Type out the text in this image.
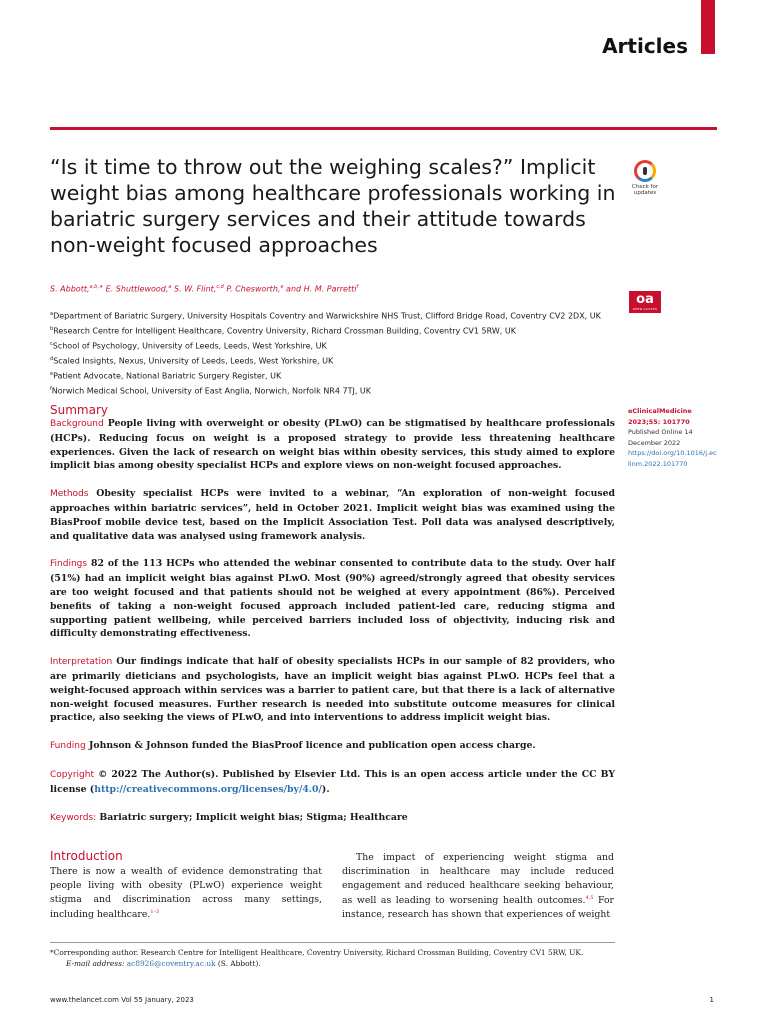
Articles
“Is it time to throw out the weighing scales?” Implicit weight bias among healthcare professionals working in bariatric surgery services and their attitude towards non-weight focused approaches
Check for updates
oa
OPEN ACCESS
S. Abbott,$^{a,b,∗}$ E. Shuttlewood,$^a$ S. W. Flint,$^{c,d}$ P. Chesworth,$^e$ and H. M. Parretti$^f$
$^a$Department of Bariatric Surgery, University Hospitals Coventry and Warwickshire NHS Trust, Clifford Bridge Road, Coventry CV2 2DX, UK
$^b$Research Centre for Intelligent Healthcare, Coventry University, Richard Crossman Building, Coventry CV1 5RW, UK
$^c$School of Psychology, University of Leeds, Leeds, West Yorkshire, UK
$^d$Scaled Insights, Nexus, University of Leeds, Leeds, West Yorkshire, UK
$^e$Patient Advocate, National Bariatric Surgery Register, UK
$^f$Norwich Medical School, University of East Anglia, Norwich, Norfolk NR4 7TJ, UK
eClinicalMedicine
2023;55: 101770
Published Online 14 December 2022
https://doi.org/10.1016/j.eclinm.2022.101770
Summary

Background People living with overweight or obesity (PLwO) can be stigmatised by healthcare professionals (HCPs). Reducing focus on weight is a proposed strategy to provide less threatening healthcare experiences. Given the lack of research on weight bias within obesity services, this study aimed to explore implicit bias among obesity specialist HCPs and explore views on non-weight focused approaches.

Methods Obesity specialist HCPs were invited to a webinar, “An exploration of non-weight focused approaches within bariatric services”, held in October 2021. Implicit weight bias was examined using the BiasProof mobile device test, based on the Implicit Association Test. Poll data was analysed descriptively, and qualitative data was analysed using framework analysis.

Findings 82 of the 113 HCPs who attended the webinar consented to contribute data to the study. Over half (51%) had an implicit weight bias against PLwO. Most (90%) agreed/strongly agreed that obesity services are too weight focused and that patients should not be weighed at every appointment (86%). Perceived benefits of taking a non-weight focused approach included patient-led care, reducing stigma and supporting patient wellbeing, while perceived barriers included loss of objectivity, inducing risk and difficulty demonstrating effectiveness.

Interpretation Our findings indicate that half of obesity specialists HCPs in our sample of 82 providers, who are primarily dieticians and psychologists, have an implicit weight bias against PLwO. HCPs feel that a weight-focused approach within services was a barrier to patient care, but that there is a lack of alternative non-weight focused measures. Further research is needed into substitute outcome measures for clinical practice, also seeking the views of PLwO, and into interventions to address implicit weight bias.

Funding Johnson & Johnson funded the BiasProof licence and publication open access charge.

Copyright © 2022 The Author(s). Published by Elsevier Ltd. This is an open access article under the CC BY license (http://creativecommons.org/licenses/by/4.0/).

Keywords: Bariatric surgery; Implicit weight bias; Stigma; Healthcare

Introduction

There is now a wealth of evidence demonstrating that people living with obesity (PLwO) experience weight stigma and discrimination across many settings, including healthcare.$^{1-3}$

The impact of experiencing weight stigma and discrimination in healthcare may include reduced engagement and reduced healthcare seeking behaviour, as well as leading to worsening health outcomes.$^{4,5}$ For instance, research has shown that experiences of weight

*Corresponding author. Research Centre for Intelligent Healthcare, Coventry University, Richard Crossman Building, Coventry CV1 5RW, UK.
E-mail address: ac8926@coventry.ac.uk (S. Abbott).
www.thelancet.com Vol 55 January, 2023	1
